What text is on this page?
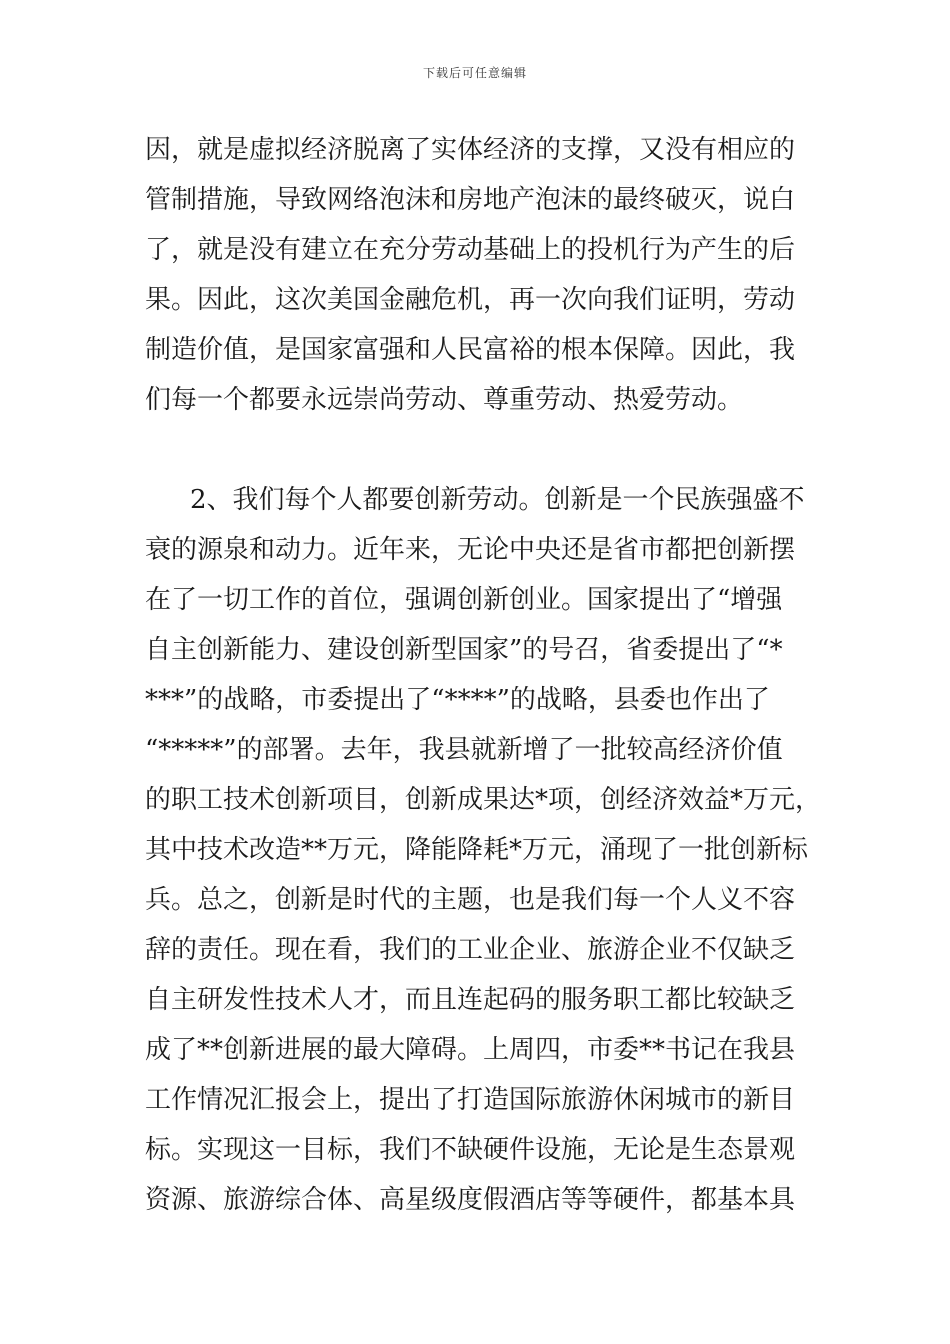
下载后可任意编辑
因，就是虚拟经济脱离了实体经济的支撑，又没有相应的
管制措施，导致网络泡沫和房地产泡沫的最终破灭，说白
了，就是没有建立在充分劳动基础上的投机行为产生的后
果。因此，这次美国金融危机，再一次向我们证明，劳动
制造价值，是国家富强和人民富裕的根本保障。因此，我
们每一个都要永远崇尚劳动、尊重劳动、热爱劳动。
2、我们每个人都要创新劳动。创新是一个民族强盛不
衰的源泉和动力。近年来，无论中央还是省市都把创新摆
在了一切工作的首位，强调创新创业。国家提出了“增强
自主创新能力、建设创新型国家”的号召，省委提出了“*
***”的战略，市委提出了“****”的战略，县委也作出了
“*****”的部署。去年，我县就新增了一批较高经济价值
的职工技术创新项目，创新成果达*项，创经济效益*万元，
其中技术改造**万元，降能降耗*万元，涌现了一批创新标
兵。总之，创新是时代的主题，也是我们每一个人义不容
辞的责任。现在看，我们的工业企业、旅游企业不仅缺乏
自主研发性技术人才，而且连起码的服务职工都比较缺乏
成了**创新进展的最大障碍。上周四，市委**书记在我县
工作情况汇报会上，提出了打造国际旅游休闲城市的新目
标。实现这一目标，我们不缺硬件设施，无论是生态景观
资源、旅游综合体、高星级度假酒店等等硬件，都基本具
